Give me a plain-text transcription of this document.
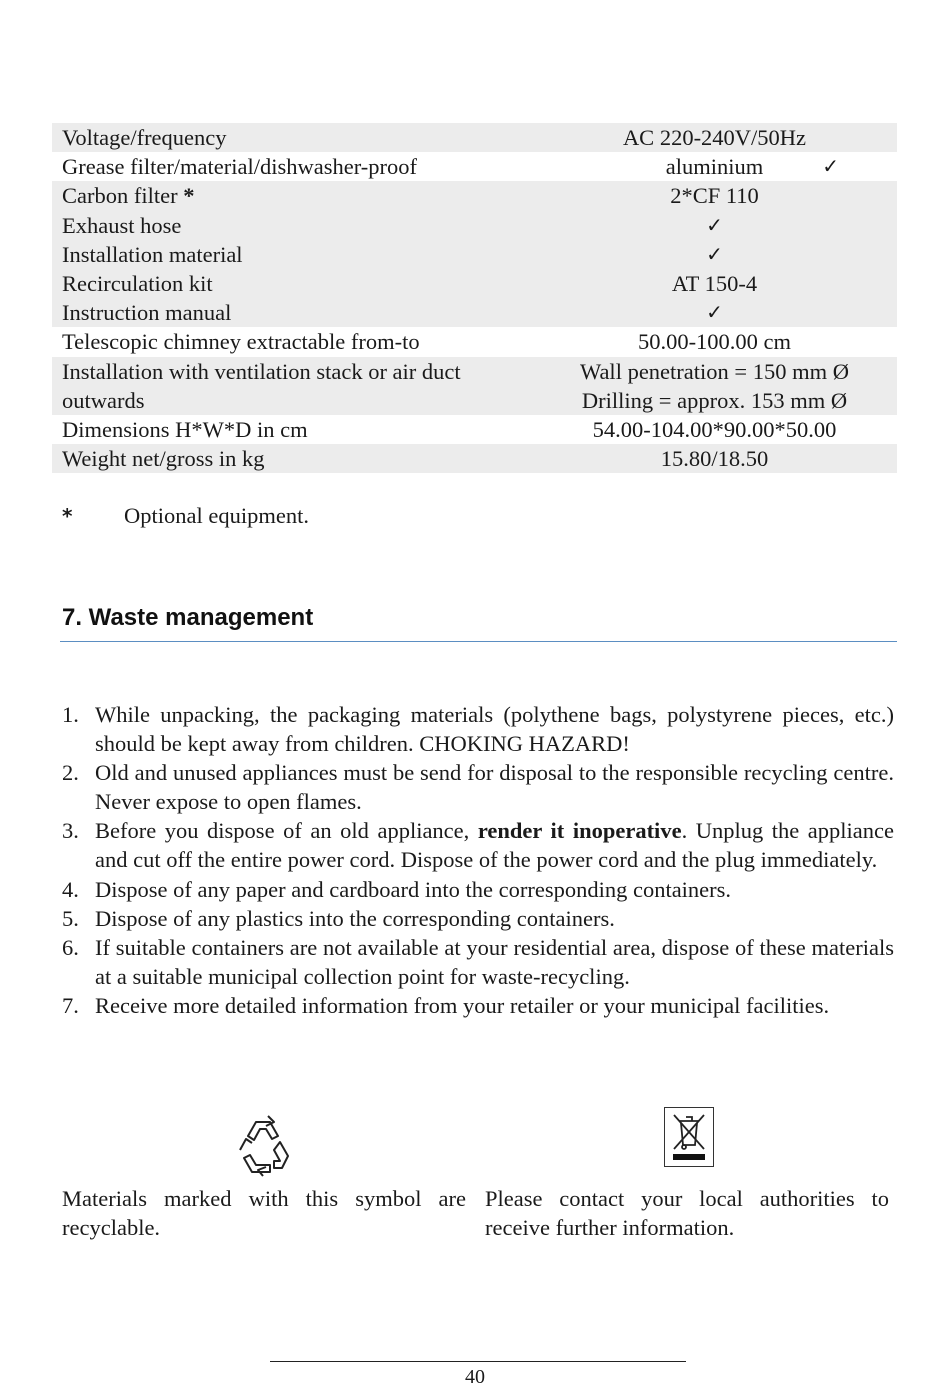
Voltage/frequency	AC 220-240V/50Hz
Grease filter/material/dishwasher-proof	aluminium ✓

Carbon filter *	2*CF 110
Exhaust hose	✓
Installation material	✓
Recirculation kit	AT 150-4
Instruction manual	✓
Telescopic chimney extractable from-to	50.00-100.00 cm
Installation with ventilation stack or air duct	Wall penetration = 150 mm Ø
outwards	Drilling = approx. 153 mm Ø
Dimensions H*W*D in cm	54.00-104.00*90.00*50.00
Weight net/gross in kg	15.80/18.50
* Optional equipment.
7. Waste management
1. While unpacking, the packaging materials (polythene bags, polystyrene pieces, etc.) should be kept away from children. CHOKING HAZARD!
2. Old and unused appliances must be send for disposal to the responsible recycling centre. Never expose to open flames.
3. Before you dispose of an old appliance, render it inoperative. Unplug the appliance and cut off the entire power cord. Dispose of the power cord and the plug immediately.
4. Dispose of any paper and cardboard into the corresponding containers.
5. Dispose of any plastics into the corresponding containers.
6. If suitable containers are not available at your residential area, dispose of these materials at a suitable municipal collection point for waste-recycling.
7. Receive more detailed information from your retailer or your municipal facilities.
Materials marked with this symbol are recyclable.
Please contact your local authorities to receive further information.
40
